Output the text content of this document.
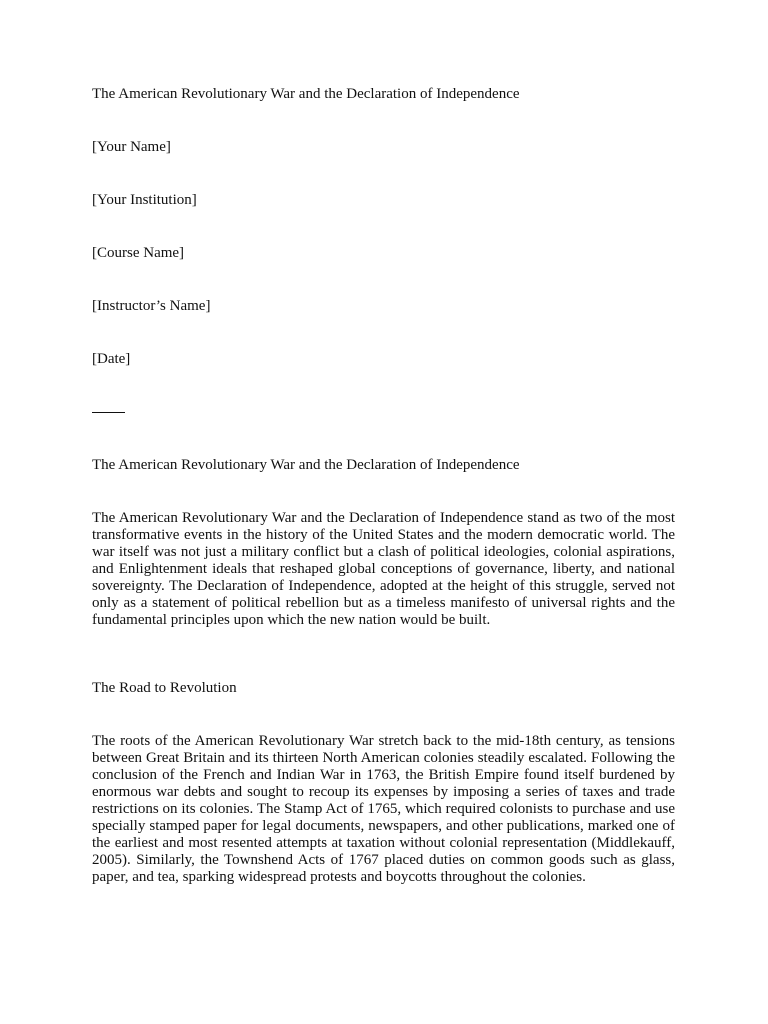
The American Revolutionary War and the Declaration of Independence
[Your Name]
[Your Institution]
[Course Name]
[Instructor’s Name]
[Date]
The American Revolutionary War and the Declaration of Independence
The American Revolutionary War and the Declaration of Independence stand as two of the most transformative events in the history of the United States and the modern democratic world. The war itself was not just a military conflict but a clash of political ideologies, colonial aspirations, and Enlightenment ideals that reshaped global conceptions of governance, liberty, and national sovereignty. The Declaration of Independence, adopted at the height of this struggle, served not only as a statement of political rebellion but as a timeless manifesto of universal rights and the fundamental principles upon which the new nation would be built.
The Road to Revolution
The roots of the American Revolutionary War stretch back to the mid-18th century, as tensions between Great Britain and its thirteen North American colonies steadily escalated. Following the conclusion of the French and Indian War in 1763, the British Empire found itself burdened by enormous war debts and sought to recoup its expenses by imposing a series of taxes and trade restrictions on its colonies. The Stamp Act of 1765, which required colonists to purchase and use specially stamped paper for legal documents, newspapers, and other publications, marked one of the earliest and most resented attempts at taxation without colonial representation (Middlekauff, 2005). Similarly, the Townshend Acts of 1767 placed duties on common goods such as glass, paper, and tea, sparking widespread protests and boycotts throughout the colonies.
